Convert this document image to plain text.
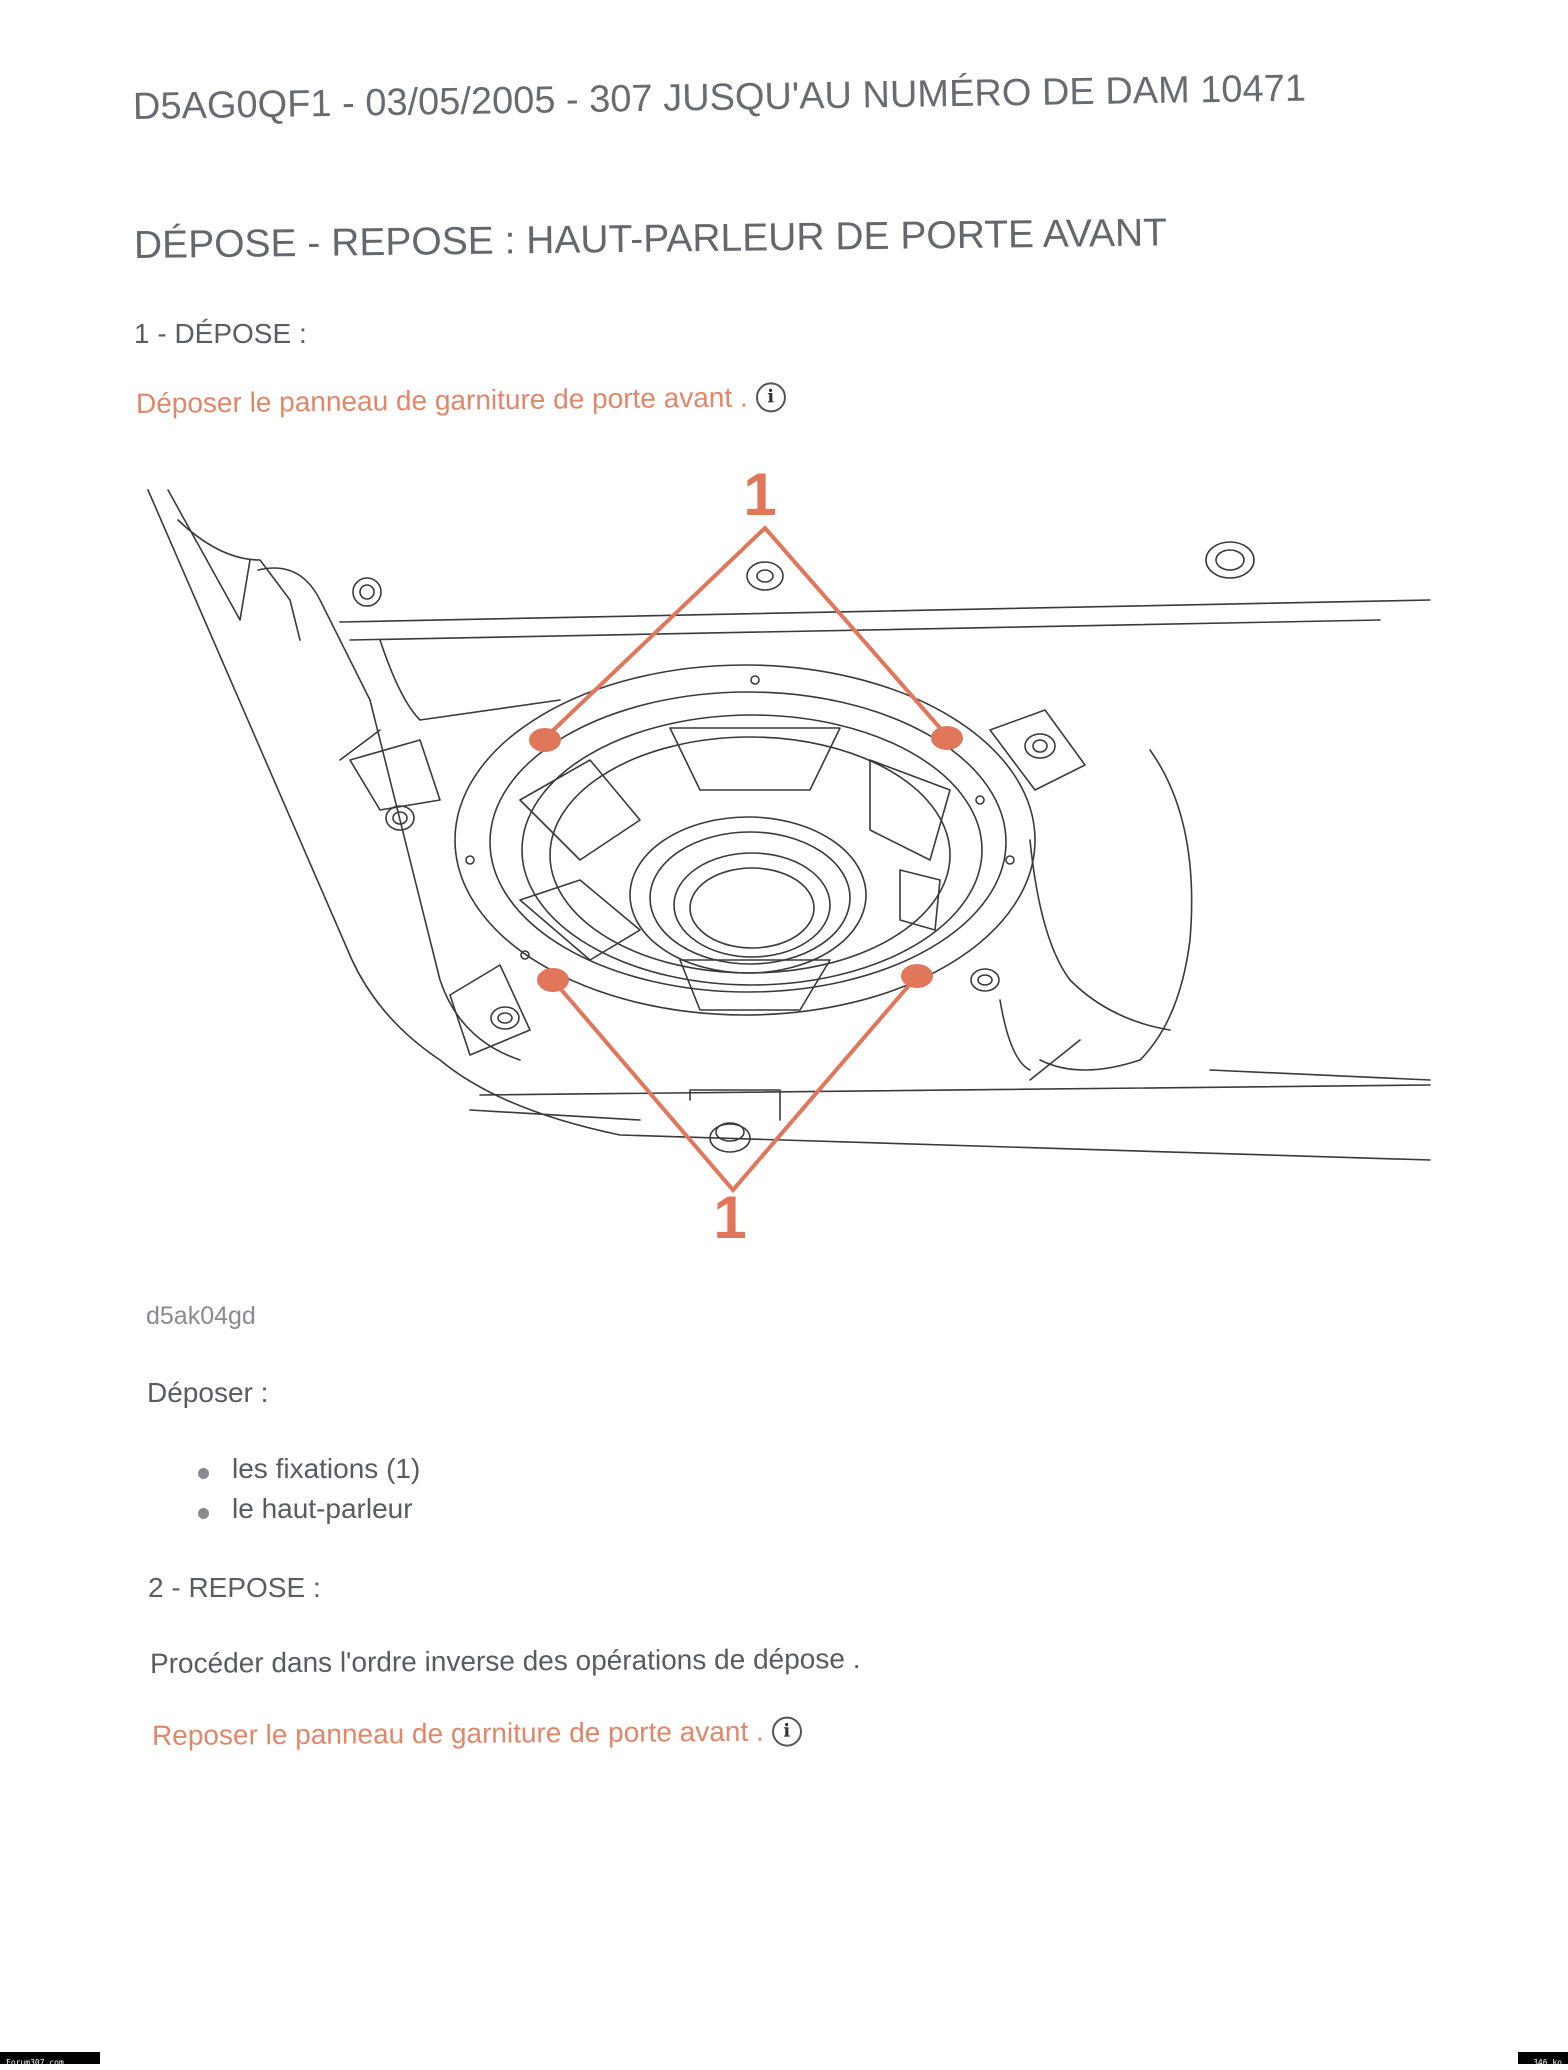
D5AG0QF1 - 03/05/2005 - 307 JUSQU'AU NUMÉRO DE DAM 10471
DÉPOSE - REPOSE : HAUT-PARLEUR DE PORTE AVANT
1 - DÉPOSE :
Déposer le panneau de garniture de porte avant . i
1
1
d5ak04gd
Déposer :
les fixations (1)
le haut-parleur
2 - REPOSE :
Procéder dans l'ordre inverse des opérations de dépose .
Reposer le panneau de garniture de porte avant . i
Forum307.com	346 ko
